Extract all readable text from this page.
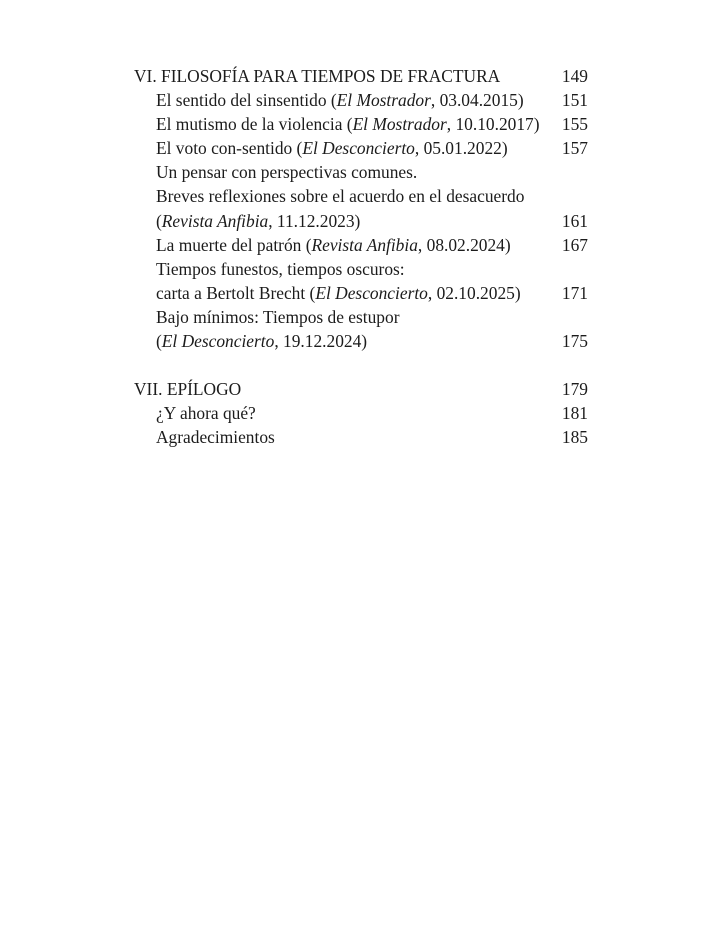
VI. FILOSOFÍA PARA TIEMPOS DE FRACTURA	149
El sentido del sinsentido (El Mostrador, 03.04.2015) 151
El mutismo de la violencia (El Mostrador, 10.10.2017) 155
El voto con-sentido (El Desconcierto, 05.01.2022)	157
Un pensar con perspectivas comunes.
Breves reflexiones sobre el acuerdo en el desacuerdo
(Revista Anfibia, 11.12.2023)	161
La muerte del patrón (Revista Anfibia, 08.02.2024)	167
Tiempos funestos, tiempos oscuros:
carta a Bertolt Brecht (El Desconcierto, 02.10.2025) 171
Bajo mínimos: Tiempos de estupor
(El Desconcierto, 19.12.2024)	175
VII. EPÍLOGO	179
¿Y ahora qué?	181
Agradecimientos	185
